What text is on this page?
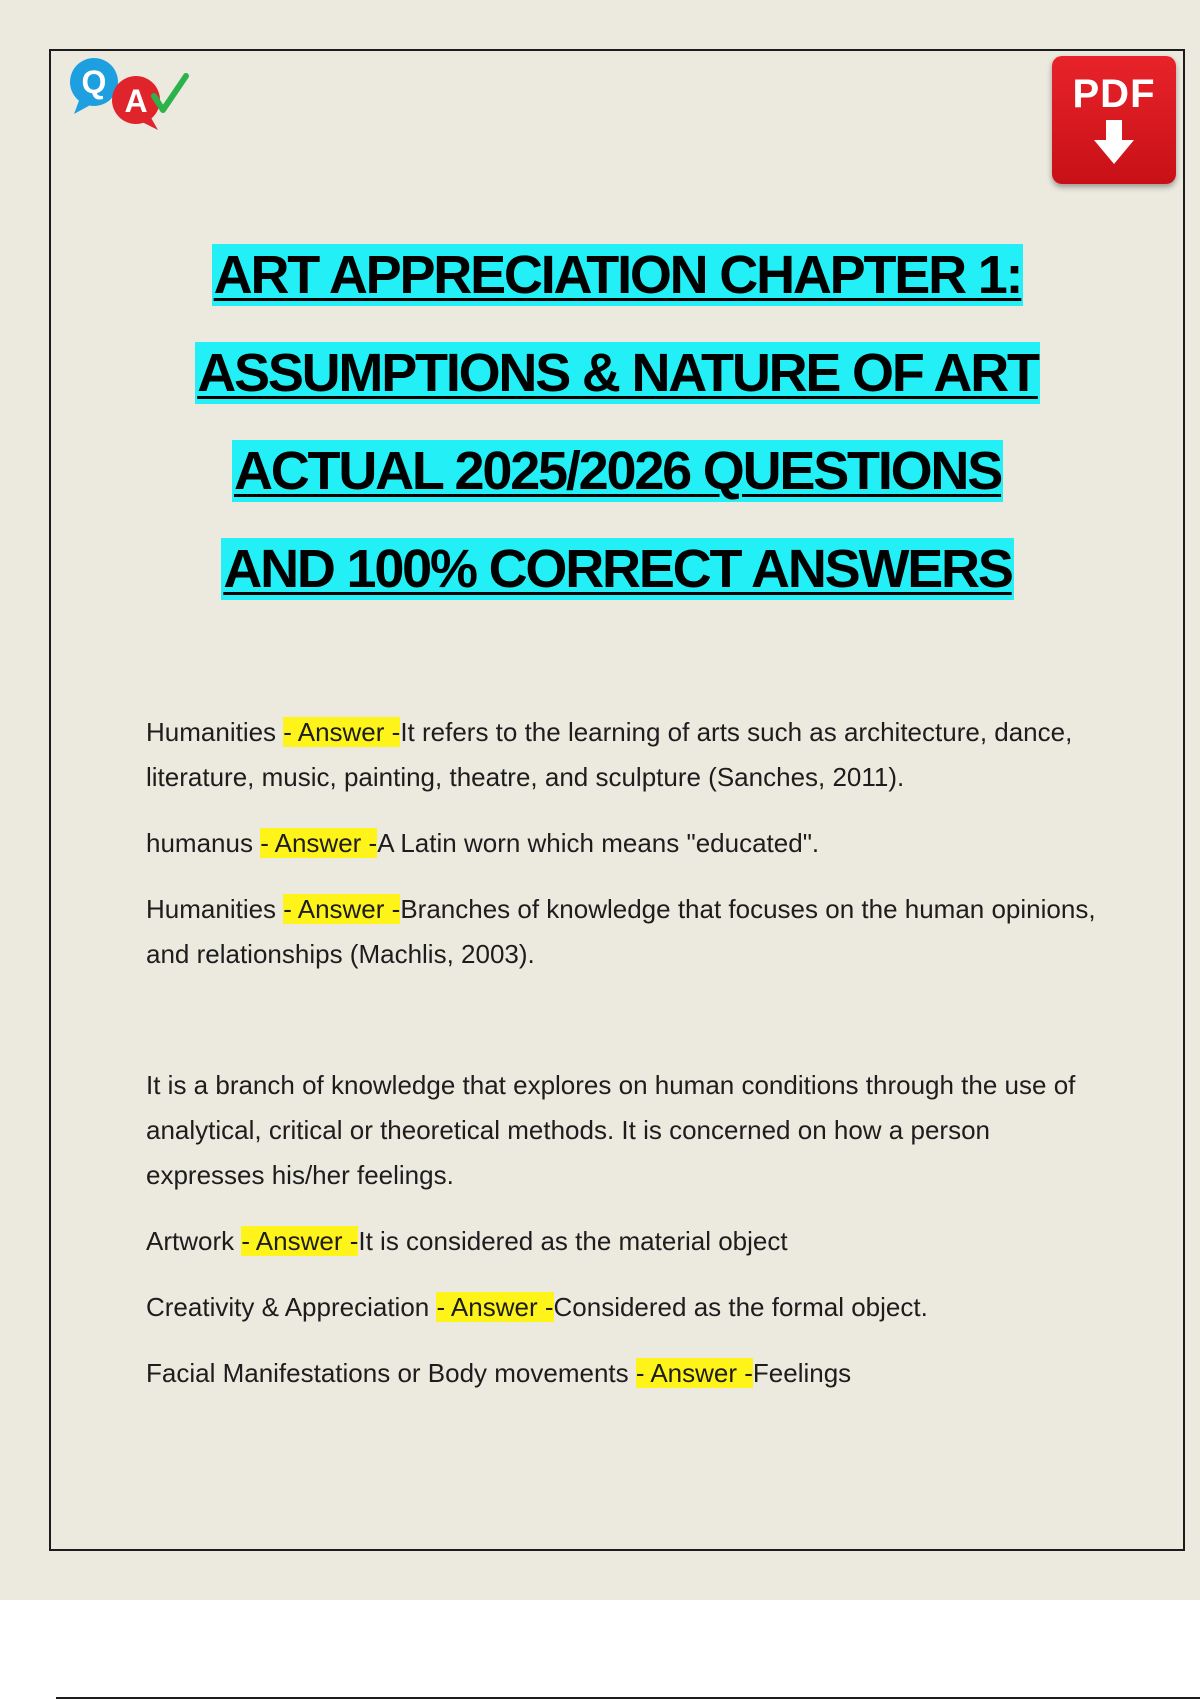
Q
A	PDF
ART APPRECIATION CHAPTER 1:
ASSUMPTIONS & NATURE OF ART
ACTUAL 2025/2026 QUESTIONS
AND 100% CORRECT ANSWERS

Humanities - Answer -It refers to the learning of arts such as architecture, dance, literature, music, painting, theatre, and sculpture (Sanches, 2011).

humanus - Answer -A Latin worn which means "educated".

Humanities - Answer -Branches of knowledge that focuses on the human opinions, and relationships (Machlis, 2003).

It is a branch of knowledge that explores on human conditions through the use of analytical, critical or theoretical methods. It is concerned on how a person expresses his/her feelings.

Artwork - Answer -It is considered as the material object

Creativity & Appreciation - Answer -Considered as the formal object.

Facial Manifestations or Body movements - Answer -Feelings
